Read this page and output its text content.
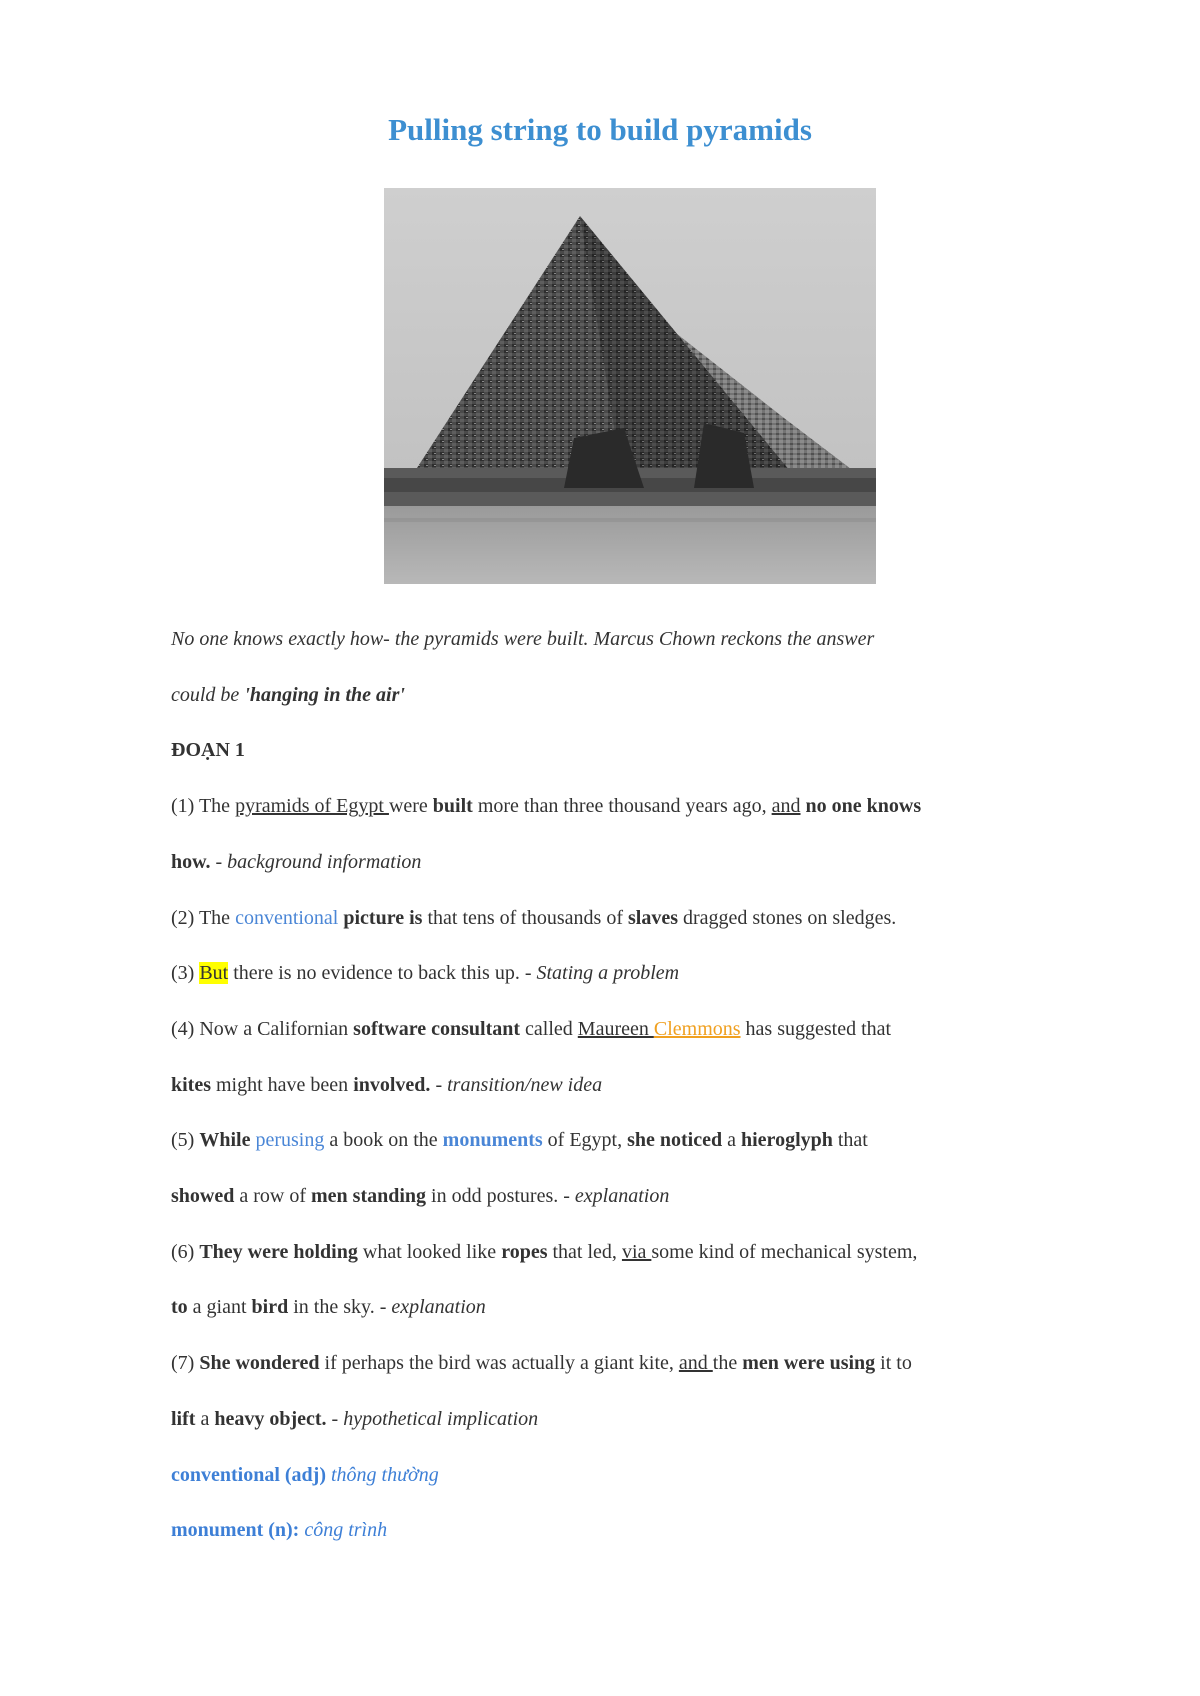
Pulling string to build pyramids

No one knows exactly how- the pyramids were built. Marcus Chown reckons the answer

could be 'hanging in the air'

ĐOẠN 1

(1) The pyramids of Egypt were built more than three thousand years ago, and no one knows

how. - background information

(2) The conventional picture is that tens of thousands of slaves dragged stones on sledges.

(3) But there is no evidence to back this up. - Stating a problem

(4) Now a Californian software consultant called Maureen Clemmons has suggested that

kites might have been involved. - transition/new idea

(5) While perusing a book on the monuments of Egypt, she noticed a hieroglyph that

showed a row of men standing in odd postures. - explanation

(6) They were holding what looked like ropes that led, via some kind of mechanical system,

to a giant bird in the sky. - explanation

(7) She wondered if perhaps the bird was actually a giant kite, and the men were using it to

lift a heavy object. - hypothetical implication

conventional (adj) thông thường

monument (n): công trình
